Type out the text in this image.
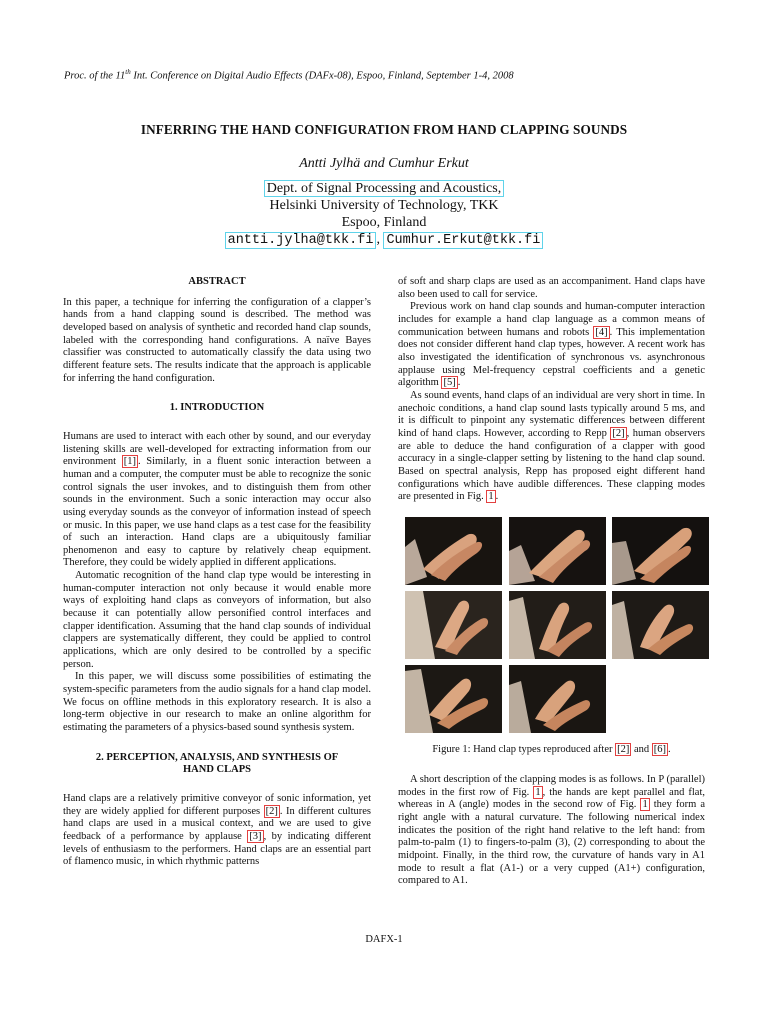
Proc. of the 11th Int. Conference on Digital Audio Effects (DAFx-08), Espoo, Finland, September 1-4, 2008
INFERRING THE HAND CONFIGURATION FROM HAND CLAPPING SOUNDS
Antti Jylhä and Cumhur Erkut
Dept. of Signal Processing and Acoustics,
Helsinki University of Technology, TKK
Espoo, Finland
antti.jylha@tkk.fi , Cumhur.Erkut@tkk.fi

ABSTRACT

In this paper, a technique for inferring the configuration of a clapper’s hands from a hand clapping sound is described. The method was developed based on analysis of synthetic and recorded hand clap sounds, labeled with the corresponding hand configurations. A naïve Bayes classifier was constructed to automatically classify the data using two different feature sets. The results indicate that the approach is applicable for inferring the hand configuration.

1. INTRODUCTION

Humans are used to interact with each other by sound, and our everyday listening skills are well-developed for extracting information from our environment [1] . Similarly, in a fluent sonic interaction between a human and a computer, the computer must be able to recognize the sonic control signals the user invokes, and to distinguish them from other sounds in the environment. Such a sonic interaction may occur also using everyday sounds as the conveyor of information instead of speech or music. In this paper, we use hand claps as a test case for the feasibility of such an interaction. Hand claps are a ubiquitously familiar phenomenon and easy to capture by relatively cheap equipment. Therefore, they could be widely applied in different applications.

Automatic recognition of the hand clap type would be interesting in human-computer interaction not only because it would enable more ways of exploiting hand claps as conveyors of information, but also because it can potentially allow personified control interfaces and clapper identification. Assuming that the hand clap sounds of individual clappers are systematically different, they could be applied to control applications, which are only desired to be controlled by a specific person.

In this paper, we will discuss some possibilities of estimating the system-specific parameters from the audio signals for a hand clap model. We focus on offline methods in this exploratory research. It is also a long-term objective in our research to make an online algorithm for estimating the parameters of a physics-based sound synthesis system.

2. PERCEPTION, ANALYSIS, AND SYNTHESIS OF
HAND CLAPS

Hand claps are a relatively primitive conveyor of sonic information, yet they are widely applied for different purposes [2] . In different cultures hand claps are used in a musical context, and we are used to give feedback of a performance by applause [3] , by indicating different levels of enthusiasm to the performers. Hand claps are an essential part of flamenco music, in which rhythmic patterns

of soft and sharp claps are used as an accompaniment. Hand claps have also been used to call for service.

Previous work on hand clap sounds and human-computer interaction includes for example a hand clap language as a common means of communication between humans and robots [4] . This implementation does not consider different hand clap types, however. A recent work has also investigated the identification of synchronous vs. asynchronous applause using Mel-frequency cepstral coefficients and a genetic algorithm [5] .

As sound events, hand claps of an individual are very short in time. In anechoic conditions, a hand clap sound lasts typically around 5 ms, and it is difficult to pinpoint any systematic differences between different kind of hand claps. However, according to Repp [2] , human observers are able to deduce the hand configuration of a clapper with good accuracy in a single-clapper setting by listening to the hand clap sound. Based on spectral analysis, Repp has proposed eight different hand configurations which have audible differences. These clapping modes are presented in Fig. 1 .

Figure 1: Hand clap types reproduced after [2] and [6] .

A short description of the clapping modes is as follows. In P (parallel) modes in the first row of Fig. 1 , the hands are kept parallel and flat, whereas in A (angle) modes in the second row of Fig. 1 they form a right angle with a natural curvature. The following numerical index indicates the position of the right hand relative to the left hand: from palm-to-palm (1) to fingers-to-palm (3), (2) corresponding to about the midpoint. Finally, in the third row, the curvature of hands vary in A1 mode to result a flat (A1-) or a very cupped (A1+) configuration, compared to A1.

DAFX-1
